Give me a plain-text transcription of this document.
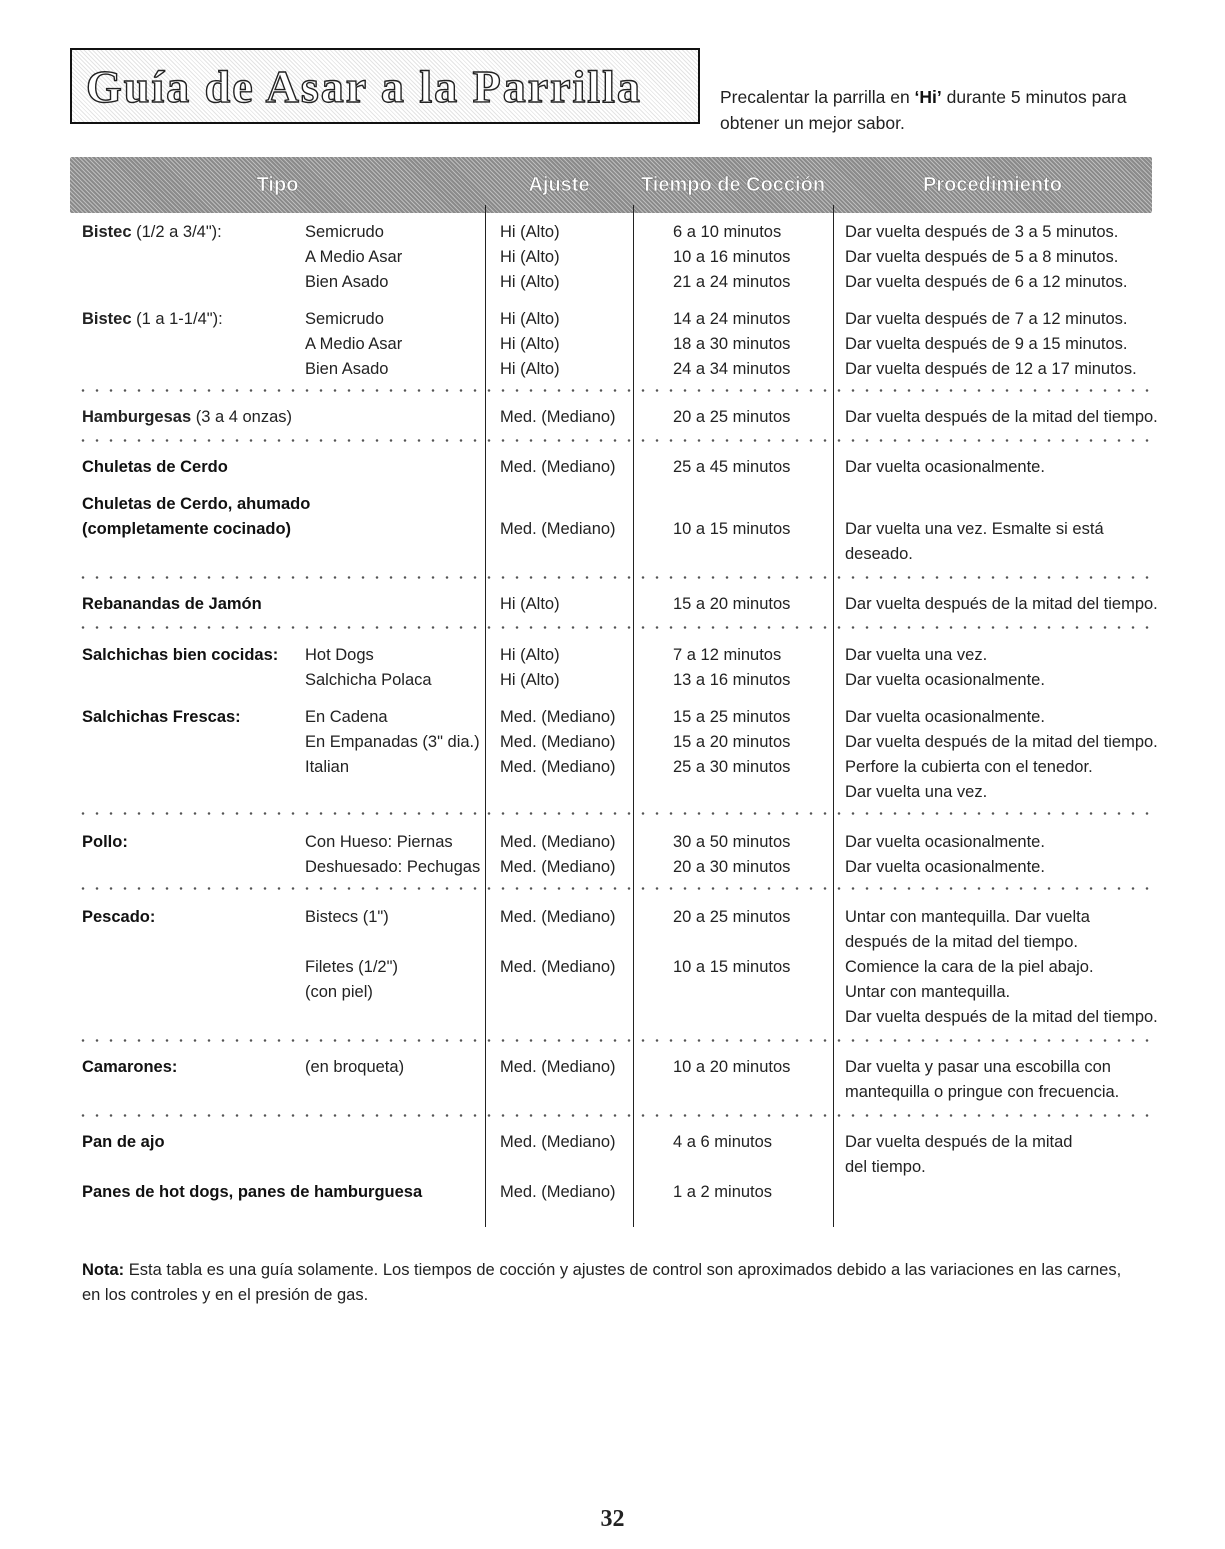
Guía de Asar a la Parrilla	Precalentar la parrilla en ‘Hi’ durante 5 minutos para obtener un mejor sabor.
Tipo	Ajuste	Tiempo de Cocción	Procedimiento
Bistec (1/2 a 3/4"):	Semicrudo	Hi (Alto)	6 a 10 minutos	Dar vuelta después de 3 a 5 minutos.
A Medio Asar	Hi (Alto)	10 a 16 minutos	Dar vuelta después de 5 a 8 minutos.
Bien Asado	Hi (Alto)	21 a 24 minutos	Dar vuelta después de 6 a 12 minutos.
Bistec (1 a 1-1/4"):	Semicrudo	Hi (Alto)	14 a 24 minutos	Dar vuelta después de 7 a 12 minutos.
A Medio Asar	Hi (Alto)	18 a 30 minutos	Dar vuelta después de 9 a 15 minutos.
Bien Asado	Hi (Alto)	24 a 34 minutos	Dar vuelta después de 12 a 17 minutos.
Hamburgesas (3 a 4 onzas)	Med. (Mediano)	20 a 25 minutos	Dar vuelta después de la mitad del tiempo.
Chuletas de Cerdo	Med. (Mediano)	25 a 45 minutos	Dar vuelta ocasionalmente.
Chuletas de Cerdo, ahumado
(completamente cocinado)	Med. (Mediano)	10 a 15 minutos	Dar vuelta una vez. Esmalte si está
deseado.
Rebanandas de Jamón	Hi (Alto)	15 a 20 minutos	Dar vuelta después de la mitad del tiempo.
Salchichas bien cocidas: Hot Dogs	Hi (Alto)	7 a 12 minutos	Dar vuelta una vez.
Salchicha Polaca	Hi (Alto)	13 a 16 minutos	Dar vuelta ocasionalmente.
Salchichas Frescas:	En Cadena	Med. (Mediano)	15 a 25 minutos	Dar vuelta ocasionalmente.
En Empanadas (3" dia.) Med. (Mediano)	15 a 20 minutos	Dar vuelta después de la mitad del tiempo.
Italian	Med. (Mediano)	25 a 30 minutos	Perfore la cubierta con el tenedor.
Dar vuelta una vez.
Pollo:	Con Hueso: Piernas	Med. (Mediano)	30 a 50 minutos	Dar vuelta ocasionalmente.
Deshuesado: Pechugas Med. (Mediano)	20 a 30 minutos	Dar vuelta ocasionalmente.
Pescado:	Bistecs (1")	Med. (Mediano)	20 a 25 minutos	Untar con mantequilla. Dar vuelta
después de la mitad del tiempo.
Filetes (1/2")	Med. (Mediano)	10 a 15 minutos	Comience la cara de la piel abajo.
(con piel)	Untar con mantequilla.
Dar vuelta después de la mitad del tiempo.
Camarones:	(en broqueta)	Med. (Mediano)	10 a 20 minutos	Dar vuelta y pasar una escobilla con
mantequilla o pringue con frecuencia.
Pan de ajo	Med. (Mediano)	4 a 6 minutos	Dar vuelta después de la mitad
del tiempo.
Panes de hot dogs, panes de hamburguesa	Med. (Mediano)	1 a 2 minutos
Nota: Esta tabla es una guía solamente. Los tiempos de cocción y ajustes de control son aproximados debido a las variaciones en las carnes, en los controles y en el presión de gas.
32
